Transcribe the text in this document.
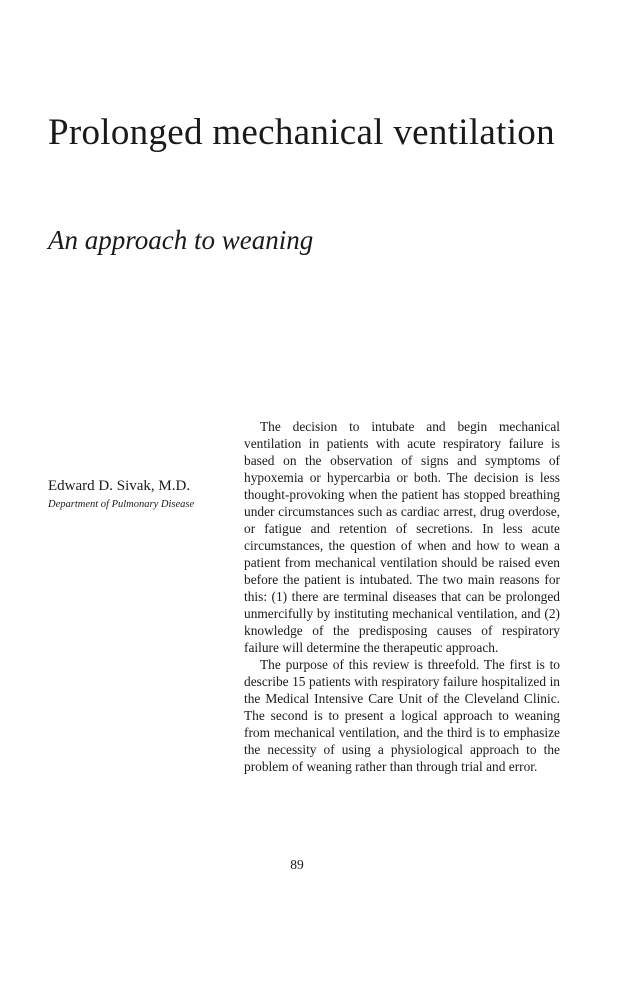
Prolonged mechanical ventilation
An approach to weaning
Edward D. Sivak, M.D.
Department of Pulmonary Disease

The decision to intubate and begin mechanical ventilation in patients with acute respiratory failure is based on the observation of signs and symptoms of hypoxemia or hypercarbia or both. The decision is less thought-provoking when the patient has stopped breathing under circumstances such as cardiac arrest, drug overdose, or fatigue and retention of secretions. In less acute circumstances, the question of when and how to wean a patient from mechanical ventilation should be raised even before the patient is intubated. The two main reasons for this: (1) there are terminal diseases that can be prolonged unmercifully by instituting mechanical ventilation, and (2) knowledge of the predisposing causes of respiratory failure will determine the therapeutic approach.

The purpose of this review is threefold. The first is to describe 15 patients with respiratory failure hospitalized in the Medical Intensive Care Unit of the Cleveland Clinic. The second is to present a logical approach to weaning from mechanical ventilation, and the third is to emphasize the necessity of using a physiological approach to the problem of weaning rather than through trial and error.

89
